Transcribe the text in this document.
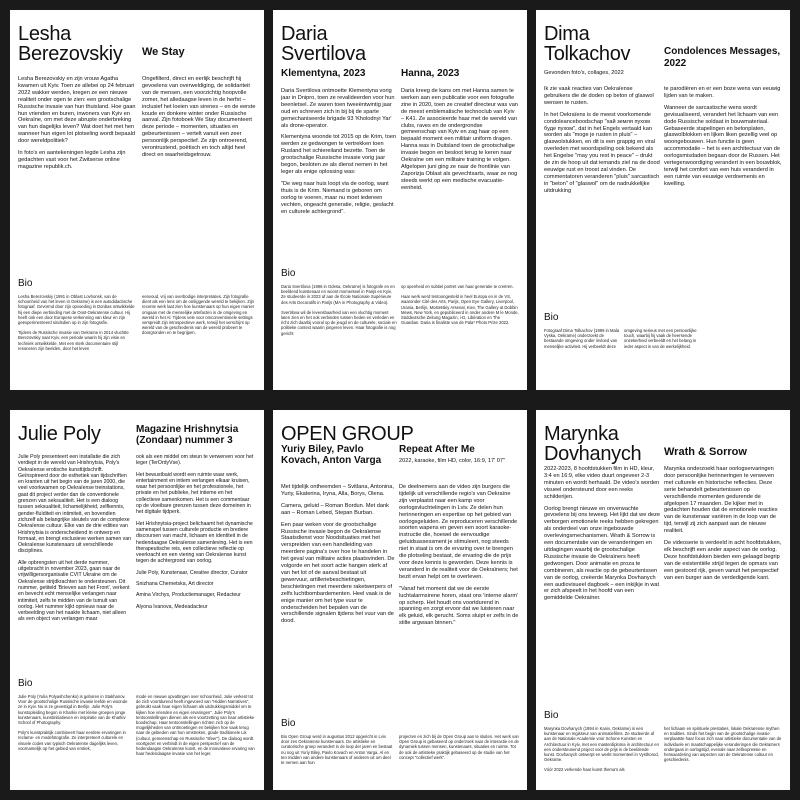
Lesha Berezovskiy	We Stay

Lesha Berezovskiy en zijn vrouw Agatha kwamen uit Kyiv. Toen ze allebei op 24 februari 2022 wakker werden, kregen ze een nieuwe realiteit onder ogen te zien: een grootschalige Russische invasie van hun thuisland. Hoe gaan hun vrienden en buren, inwoners van Kyiv en Oekraïne, om met deze abrupte onderbreking van hun dagelijks leven? Wat doet het met hen wanneer hun eigen lot plotseling wordt bepaald door wereldpolitiek?

In foto's en aantekeningen legde Lesha zijn gedachten vast voor het Zwitserse online magazine republik.ch.

Ongefilterd, direct en eerlijk beschrijft hij gevoelens van overweldiging, de solidariteit van de mensen, een voorzichtig hoopvolle zomer, het alledaagse leven in de herfst – inclusief het loeien van sirenes – en de eerste koude en donkere winter onder Russische aanval. Zijn fotoboek We Stay documenteert deze periode – momenten, situaties en gebeurtenissen – vertelt vanuit een zeer persoonlijk perspectief. Ze zijn ontroerend, verontrustend, poëtisch en toch altijd heel direct en waarheidsgetrouw.

Bio

Lesha Berezovskiy (1991 in Oblast Lovhonsk, van de schoonheid van het leven in Oekraïne) is een autodidactische fotograaf. Gevormd door zijn opvoeding in Donbas ontwikkelde hij een diepe verbinding met de Oost-Oekraïense cultuur. Hij heeft ook een door Europese verkenning van kleur en zijn geëxperimenteerd sindsdien op in zijn fotografie.

Tijdens de Russische invasie van Oekraïne in 2014 vluchtte Berezovskiy naar Kyiv, een periode waarin hij zijn visie en techniek ontwikkelde. Met een sterk documentaire stijl resoneren zijn beelden, door het leven

eenvoud, vrij van overbodige interpretaties. Zijn fotografie dient als een lens om de omliggende wereld te bekijken. Zijn recente werk laat zien hoe kunstenaars op hun eigen manier omgaan met de menselijke artefacten in de omgeving en wereld in het Al. Tijdens vele voor omconventionele settings verspreidt zijn introspectieve werk, terwijl het verschijnt op wereld van de geschiedenis van de wereld probeert te doorgronden en te begrijpen.

Daria Svertilova
Klementyna, 2023	Hanna, 2023

Daria Svertilova ontmoette Klementyna vorig jaar in Dnipro, toen ze revalideerden voor hun beenletsel. Ze waren toen tweeëntwintig jaar oud en schreven zich in bij bij de sparte gemechaniseerde brigade 93 'Kholodnyi Yar' als drone-operator.

Klementyna woonde tot 2015 op de Krim, toen werden ze gedwongen te vertrekken toen Rusland het schiereiland bezette. Toen de grootschalige Russische invasie vorig jaar begon, besloten ze als dienst nemen in het leger als enige oplossing was:

"De weg naar huis loopt via de oorlog, want thuis is de Krim. Niemand is geboren om oorlog te voeren, maar nu moet iedereen vechten, ongeacht generatie, religie, geslacht en culturele achtergrond".

Daria kreeg de kans om met Hanna samen te werken aan een publicatie voor een fotografie zine in 2020, toen ze creatief directeur was van de meest emblematische technoclub van Kyiv – K41. Ze associeerde haar met de wereld van clubs, raves en de ondergrondse gemeenschap van Kyiv en zag haar op een bepaald moment een militair uniform dragen. Hanna was in Duitsland toen de grootschalige invasie begon en besloot terug te keren naar Oekraïne om een militaire training te volgen. Afgelopen juni ging ze naar de frontlinie van Zaporizja Oblast als gevechtsarts, waar ze nog steeds werkt op een medische evacuatie-eenheid.

Bio

Daria Svertilova (1996 in Odesa, Oekraïne) is fotografe en en beeldend kunstenaar en woont momenteel in Parijs en Kyiv. Ze studeerde in 2023 af aan de École Nationale Supérieure des Arts Decoratifs in Parijs (MA in Photography & Video).

Svertilova wil de levensbaarheid van een vluchtig moment laten zien en het ook verbinden tussen heden en verleden en richt zich daarbij vooral op de jeugd en de culturele, sociale en politieke context waarin jongeren leven. Haar fotografie is nog gericht

op openheid en subtiel portret van haar generatie te creëren.

Haar werk werd tentoongesteld in heel Europa en in de VS, waaronder Cité des Arts, Parijs, Open Eye Gallery, Liverpool, Urania, Berlijn, Mostetskiy Arsenal, Kiev, The Gallery at Dobbin Mews, New York, en gepubliceerd in onder andere M le Monde, Süddeutsche Zeitung Magazin, i-D, Libération en The Guardian. Daria is finaliste van de Pala* Photo Prize 2022.

Dima Tolkachov	Condolences Messages, 2022
Gevonden foto's, collages, 2022

Ik zie vaak reacties van Oekraïense gebruikers die de doden op beton of glaswol wensen te rusten.

In het Oekraïens is de meest voorkomende condoleanceboodschap "хай земля пухом буде пухом", dat in het Engels vertaald kan worden als "moge je rusten in pluis" – glaswolstukken, en dit is een grappig en viral overleden met woordspeling ook bekend als het Engelse "may you rest in peace" – drukt de zin de hoop uit dat iemands ziel na de dood eeuwige rust en troost zal vinden. De commentatoren veranderen "pluis" sarcastisch in "beton" of "glaswol" om de nadrukkelijke uitdrukking

te parodiëren en er een boze wens van eeuwig lijden van te maken.

Wanneer de sarcastische wens wordt gevisualiseerd, verandert het lichaam van een dode Russische soldaat in bouwmateriaal. Gebaseerde stapelingen en betonplaten, glaswolblokken en lijken liken gezellig veel op woongebouwen. Hun functie is geen accommodatie – het is een architectuur van de oorlogsmisdaden begaan door de Russen. Het vertegenwoordiging verandert in een bouwblok, terwijl het comfort van een huis veranderd in een ruimte van eeuwige verdoemenis en kwelling.

Bio

Fotograaf Dima Tolkachov (1999 in Mala Vyska, Oekraïne) onderzoekt de bestaande omgeving onder invloed van menselijke activiteit. Hij verbeeldt deze

omgeving serieus met een persoonlijke touch, waarbij hij vaak de heersende onzekerheid verbeeldt en het belang in ieder aspect is van de werkelijkheid.

Julie Poly	Magazine Hrishnytsia (Zondaar) nummer 3

Julie Poly presenteert een installatie die zich verdiept in de wereld van Hrishnytsia, Poly's Oekraïense erotische kunsttijdschrift. Geïnspireerd door de esthetiek van tijdschriften en kranten uit het begin van de jaren 2000, die veel voorkwamen op Oekraïense treinstations, gaat dit project verder dan de conventionele grenzen van seksualiteit. Het is een dialoog tussen seksualiteit, lichamelijkheid, zelfkennis, gender-fluïditeit en intimiteit, en bovendien zichzelf als belangrijke sleutels van de complexe Oekraïense cultuur. Elke van de drie edities van Hrishnytsia is onderscheidend in ontwerp en formaat, en brengt exclusieve werken samen van Oekraïense kunstenaars uit verschillende disciplines.

Alle opbrengsten uit het derde nummer, uitgebracht in november 2023, gaan naar de vrijwilligersorganisatie CVIT Ukraine om de Oekraïense strijdkrachten te ondersteunen. Dit nummer, getiteld 'Brieven aan het Front', verkent en bevecht echt menselijke verlangen naar intimiteit, zelfs te midden van de tumult van oorlog. Het nummer kijkt opnieuw naar de verbeelding van het naakte lichaam, niet alleen als een object van verlangen maar

ook als een middel om steun te verwerven voor het leger (TerOrdyVse).

Het bewustbaid wordt een ruimte waar werk, entertainment en intiem verlangen elkaar kruisen, waar het persoonlijke en het professionele, het private en het publieke, het intieme en het collectieve samenkomen. Het is een commentaar op de vloeibare grenzen tussen deze domeinen in het digitale tijdperk.

Het Hrishnytsia-project belichaamt het dynamische samenspel tussen culturele productie en bredere discoursen van macht, lichaam en identiteit in de hedendaagse Oekraïense samenleving. Het is een therapeutische reis, een collectieve reflectie op veerkracht en een viering van Oekraïense kunst tegen de achtergrond van oorlog.

Julie Poly, Kunstenaar, Creative director, Curator

Snizhana Chernetska, Art director

Amina Virchys, Productiemanager, Redacteur

Alyona Ivanova, Medeadacteur

Bio

Julie Poly (Yulia Polyashchenko) is geboren in Stakhanov. Voor de grootschalige Russische invasie leefde en woonde ze in Kyiv. Nu is ze gevestigd in Berlijn. Julie Poly's kunstopleiding begon in Kharkiv met kleine groepen jonge kunstenaars, kunstinitiatieven en inspiratie van de Kharkiv School of Photography.

Poly's kunstpraktijk combineert haar eerdere ervaringen in reclame- en modefotografie. Ze interpreteert culturele en visuele codes van typisch Oekraïense dagelijks leven, voornamelijk op het gebied van erotiek,

mode en nieuwe opvattingen over schoonheid. Julie verkent tot de zich voortdurend heeft ingevoerd van "Hidden Narratives", gebruikt vaak haar eigen lichaam als uitdrukkingsmiddel om te kijken hoe vrienden en eigen ervaringen". Julie Poly's tentoonstellingen dienen als een voortzetting van haar artistieke boodschap. Haar tentoonstellingen richten zich op de mogelijkheden van ontmoetingen en bekijken hoe vaak terug naar de gebieden van hun omstreken, grade traditionele Lik (cultuur, gemeenschap en Russische "sfeer"). De dialoog wordt voortgezet en verbindt in de eigen perspectief van de hedendaagse Oekraïense kunst, en de innovatieve ervaring van haar hedendaagse invasie van het leger.

OPEN GROUP
Yuriy Biley, Pavlo Kovach, Anton Varga
Repeat After Me
2022, karaoke, film HD, color, 16:9, 17' 07"

Met tijdelijk ontheemden – Svitlana, Antonina, Yuriy, Ekaterina, Iryna, Alla, Borys, Olena.

Camera, geluid – Roman Bordun. Met dank aan – Roman Lebed, Stepan Burban.

Een paar weken voor de grootschalige Russische invasie begon de Oekraïense Staatsdienst voor Noodsituaties met het verspreiden van een handleiding van meerdere pagina's over hoe te handelen in het geval van militaire acties plaatsvinden. De volgorde en het soort actie hangen sterk af van het lot of de aanval bestaat uit gewervuur, artilleriebeschietingen, beschietingen met meerdere raketwerpers of zelfs luchtbombardementen. Heel vaak is de enige manier om het type vuur te onderscheiden het bepalen van de verschillende signalen tijdens het vuur van de dood.

De deelnemers aan de video zijn burgers die tijdelijk uit verschillende regio's van Oekraïne zijn verplaatst naar een kamp voor oorlogsvluchtelingen in Lviv. Ze delen hun herinneringen en expertise op het gebied van oorlogsgeluiden. Ze reproduceren verschillende soorten wapens en geven een soort karaoke-instructie die, hoewel de eenvoudige geluidsassessment je stimuleert, nog steeds niet in staat is om de ervaring over te brengen die plotseling bestaat, de ervaring die de prijs voor deze kennis is geworden. Deze kennis is veranderd in de realiteit voor de Oekraïners; het bezit ervan helpt om te overleven.

"Vanaf het moment dat we de eerste luchtalarmsirene horen, staat ons 'interne alarm' op scherp. Het houdt ons voortdurend in spanning en zorgt ervoor dat we luisteren naar elk geluid, elk gerucht. Soms sluipt er zelfs in de stilte argwaan binnen."

Bio

Bio Open Group werd in augustus 2012 opgericht in Lviv door zes Oekraïense kunstenaars. De artistieke en curatorische groep verandert in de loop der jaren en bestaat nu nog uit Yuriy Biley, Pavlo Kovach en Anton Varga. Al en ten midden van andere kunstenaars of anderen uit om deel te nemen aan hun

projecten en zich bij de Open Group aan te sluiten. Het werk van Open Group is gebaseerd op onderzoek naar de interactie en de dynamiek tussen mensen, kunstenaars, situaties en ruimte. Tot de ook de artistieke praktijk gebaseerd op de studie van het concept "collectief werk".

Marynka Dovhanych	Wrath & Sorrow

2022-2023, 8 hoofdstukken film in HD, kleur, 3:4 en 16:9, elke video duurt ongeveer 2-3 minuten en wordt herhaald. De video's worden visueel ondersteund door een reeks schilderijen.

Oorlog brengt nieuwe en onverwachte gevoelens bij ons teweeg. Het lijkt dat we deze verborgen emotionele reeks hebben gekregen als onderdeel van onze ingebouwde overlevingsmechanismen. Wrath & Sorrow is een documentatie van de veranderingen en uitdagingen waarbij de grootschalige Russische invasie de Oekraïners heeft gedwongen. Door animatie en proza te combineren, als reactie op de gebeurtenissen van de oorlog, creëerde Marynka Dovhanych een audiovisueel dagboek – een inkijkje in wat er zich afspeelt in het hoofd van een gemiddelde Oekraïner.

Marynka onderzoekt haar oorlogservaringen door persoonlijke herinneringen te verweven met culturele en historische reflecties. Deze serie behandelt gebeurtenissen op verschillende momenten gedurende de afgelopen 17 maanden. De kijker met in gedachten houden dat de emotionele reacties van de kunstenaar variëren in de loop van de tijd, terwijl zij zich aanpast aan de nieuwe realiteit.

De videoserie is verdeeld in acht hoofdstukken, elk beschrijft een ander aspect van de oorlog. Deze hoofdstukken bieden een gelaagd begrip van de existentiële strijd tegen de opmars van een gestoord rijk, geven vanuit het perspectief van een burger aan de verdedigende kant.

Bio

Marynka Dovhanych (1994 in Kaniv, Oekraïne) is een kunstenaar en regisseur van animatiefilms. Ze studeerde af aan de Nationale Academie voor Schone Kunsten en Architectuur in Kyiv, met een masterdiploma in architectuur en een ondersteunend project voor de prijs in de beeldende kunst. Dovhanych ontwerpt en werkt momenteel in Vysthorod, Oekraïne.

Vóór 2022 verkende haar kunst thema's als

het lichaam en spirituele prestaties, lokale Oekraïense mythen en tradities. Sinds het begin van de grootschalige invasie verplaatste haar focus zich naar artistieke documentatie van de individuele en maatschappelijke veranderingen die Oekraïners ondergaan in oorlogstijd, evenals naar zelfexpressie en herwaardering van aspecten van de Oekraïense cultuur en geschiedenis.
